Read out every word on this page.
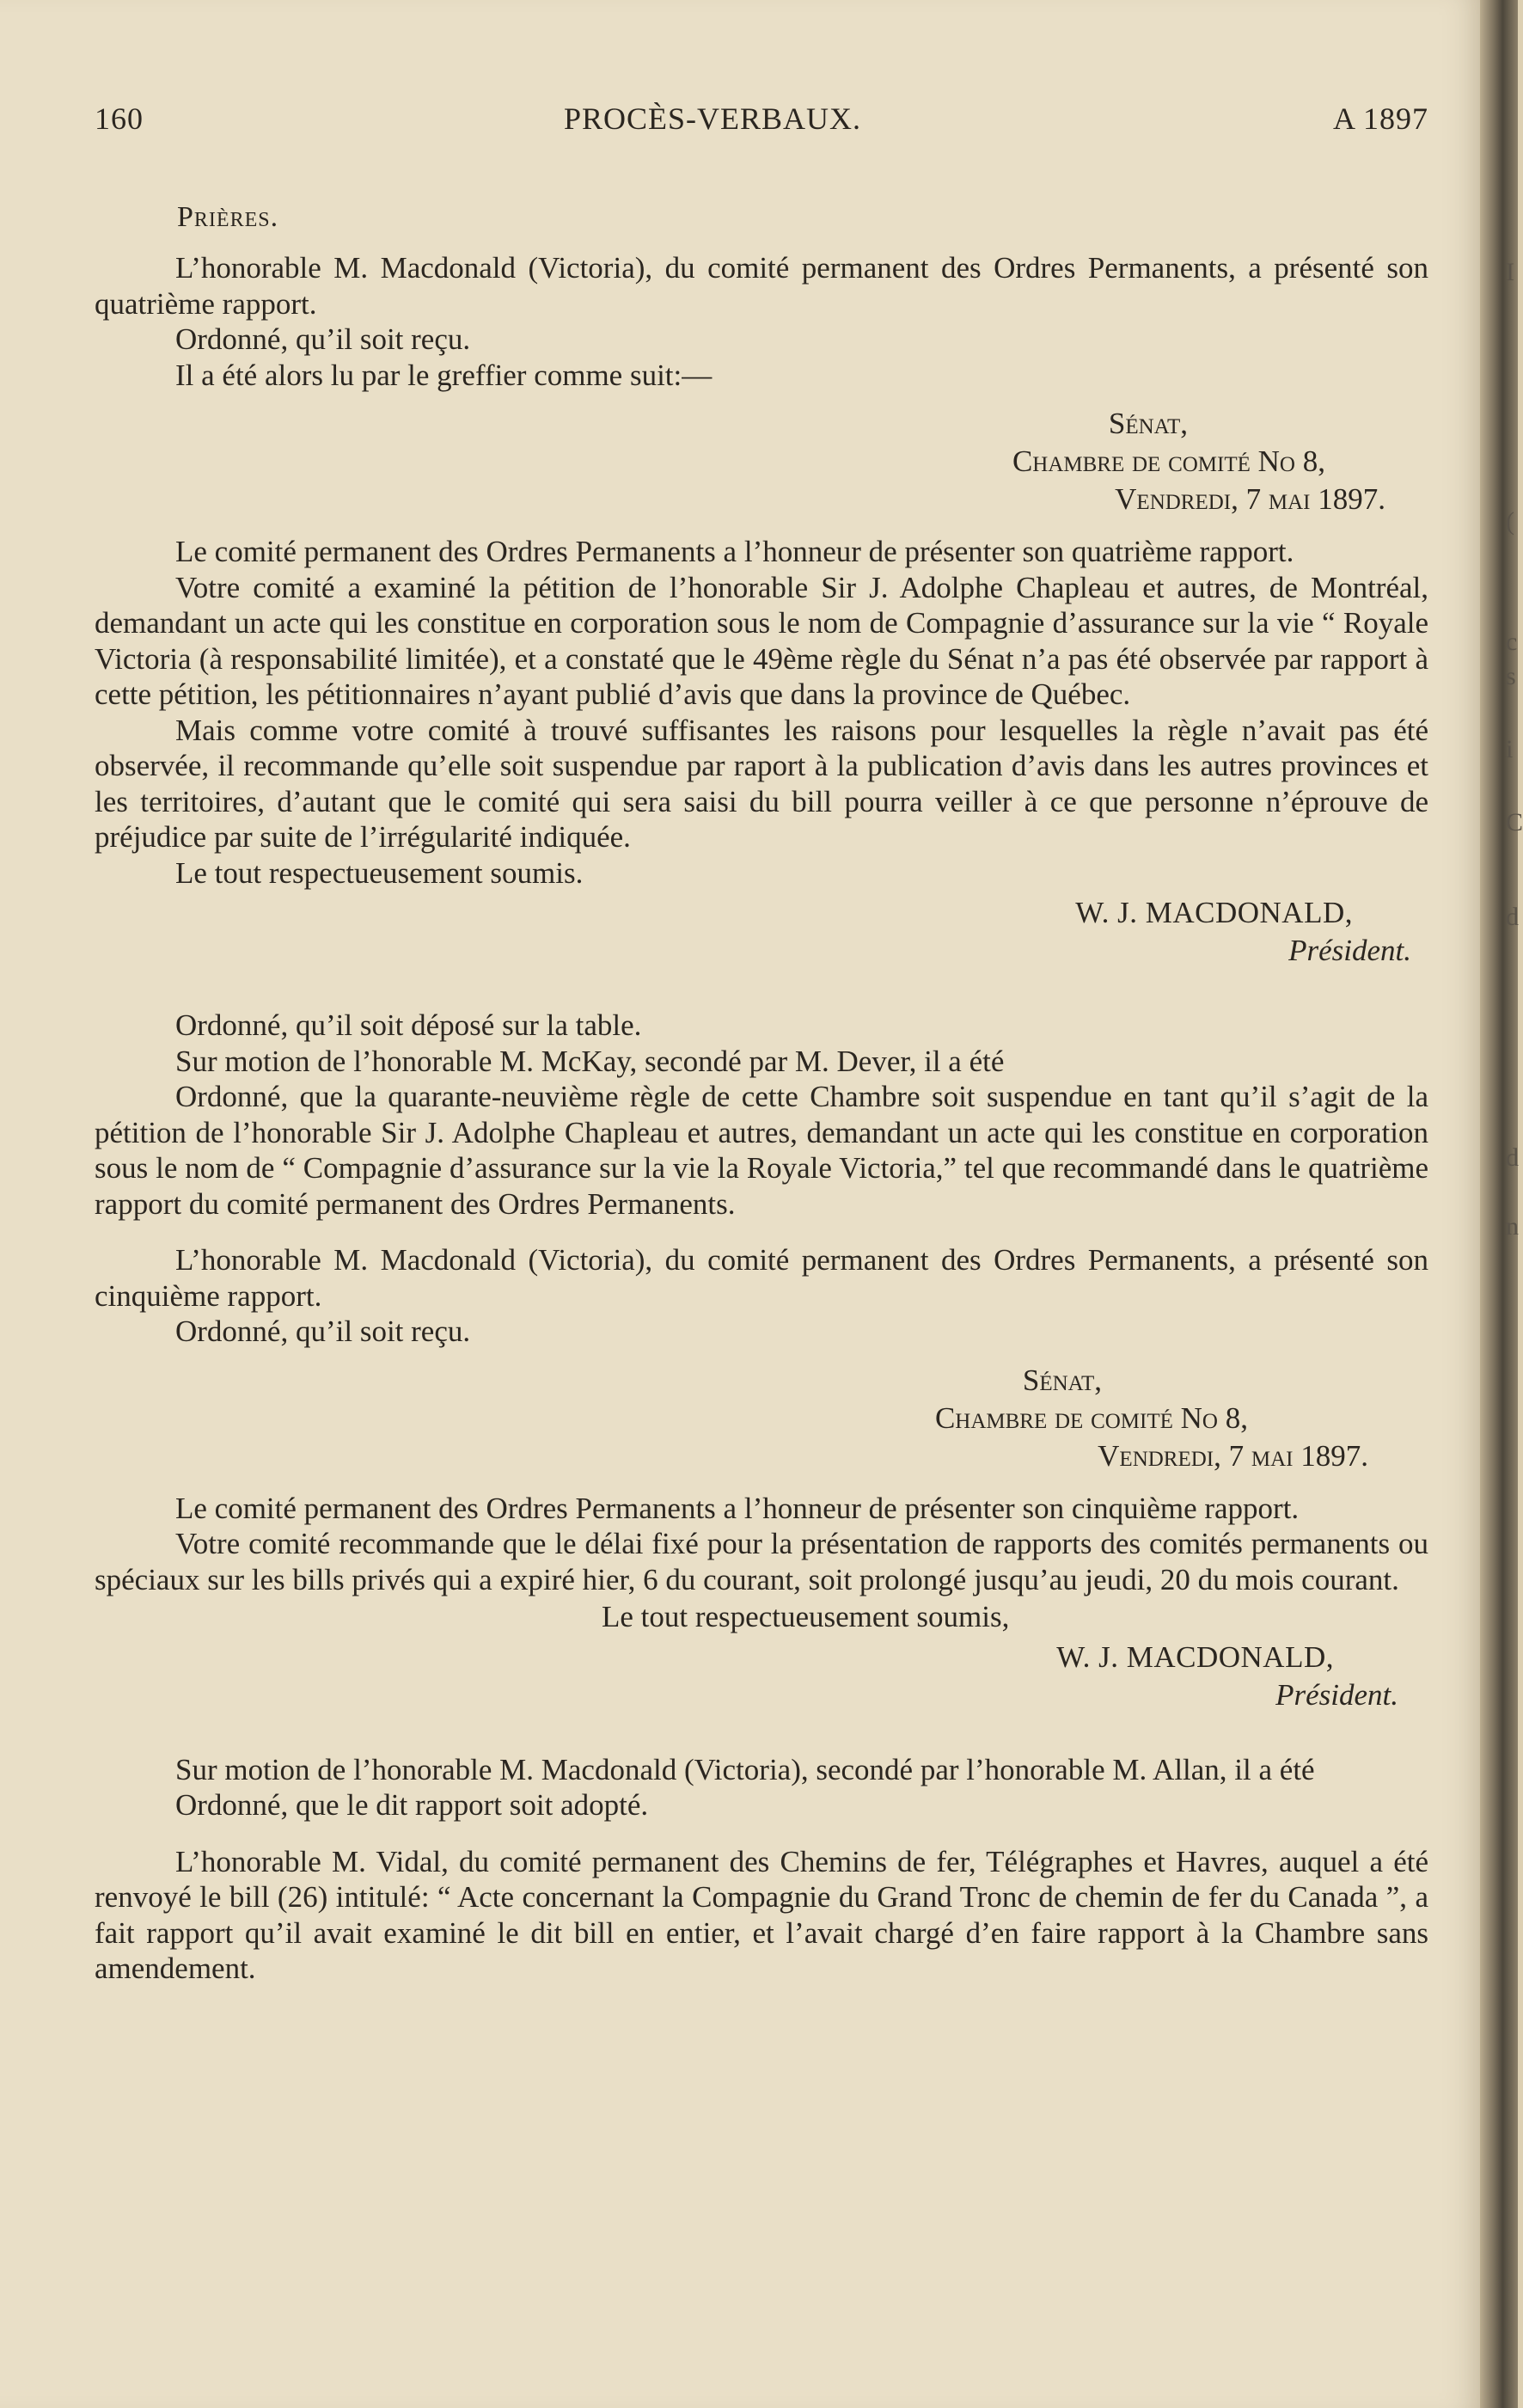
I
(
c
s
i
C
d
d
n
160	PROCÈS-VERBAUX.	A 1897
Prières.

L’honorable M. Macdonald (Victoria), du comité permanent des Ordres Permanents, a présenté son quatrième rapport.

Ordonné, qu’il soit reçu.

Il a été alors lu par le greffier comme suit:—

Sénat,
Chambre de comité No 8,
Vendredi, 7 mai 1897.

Le comité permanent des Ordres Permanents a l’honneur de présenter son quatrième rapport.

Votre comité a examiné la pétition de l’honorable Sir J. Adolphe Chapleau et autres, de Montréal, demandant un acte qui les constitue en corporation sous le nom de Compagnie d’assurance sur la vie “ Royale Victoria (à responsabilité limitée), et a constaté que le 49ème règle du Sénat n’a pas été observée par rapport à cette pétition, les pétitionnaires n’ayant publié d’avis que dans la province de Québec.

Mais comme votre comité à trouvé suffisantes les raisons pour lesquelles la règle n’avait pas été observée, il recommande qu’elle soit suspendue par raport à la publication d’avis dans les autres provinces et les territoires, d’autant que le comité qui sera saisi du bill pourra veiller à ce que personne n’éprouve de préjudice par suite de l’irrégularité indiquée.

Le tout respectueusement soumis.

W. J. MACDONALD,
Président.

Ordonné, qu’il soit déposé sur la table.

Sur motion de l’honorable M. McKay, secondé par M. Dever, il a été

Ordonné, que la quarante-neuvième règle de cette Chambre soit suspendue en tant qu’il s’agit de la pétition de l’honorable Sir J. Adolphe Chapleau et autres, demandant un acte qui les constitue en corporation sous le nom de “ Compagnie d’assurance sur la vie la Royale Victoria,” tel que recommandé dans le quatrième rapport du comité permanent des Ordres Permanents.

L’honorable M. Macdonald (Victoria), du comité permanent des Ordres Permanents, a présenté son cinquième rapport.

Ordonné, qu’il soit reçu.

Sénat,
Chambre de comité No 8,
Vendredi, 7 mai 1897.

Le comité permanent des Ordres Permanents a l’honneur de présenter son cinquième rapport.

Votre comité recommande que le délai fixé pour la présentation de rapports des comités permanents ou spéciaux sur les bills privés qui a expiré hier, 6 du courant, soit prolongé jusqu’au jeudi, 20 du mois courant.

Le tout respectueusement soumis,

W. J. MACDONALD,
Président.

Sur motion de l’honorable M. Macdonald (Victoria), secondé par l’honorable M. Allan, il a été

Ordonné, que le dit rapport soit adopté.

L’honorable M. Vidal, du comité permanent des Chemins de fer, Télégraphes et Havres, auquel a été renvoyé le bill (26) intitulé: “ Acte concernant la Compagnie du Grand Tronc de chemin de fer du Canada ”, a fait rapport qu’il avait examiné le dit bill en entier, et l’avait chargé d’en faire rapport à la Chambre sans amendement.
